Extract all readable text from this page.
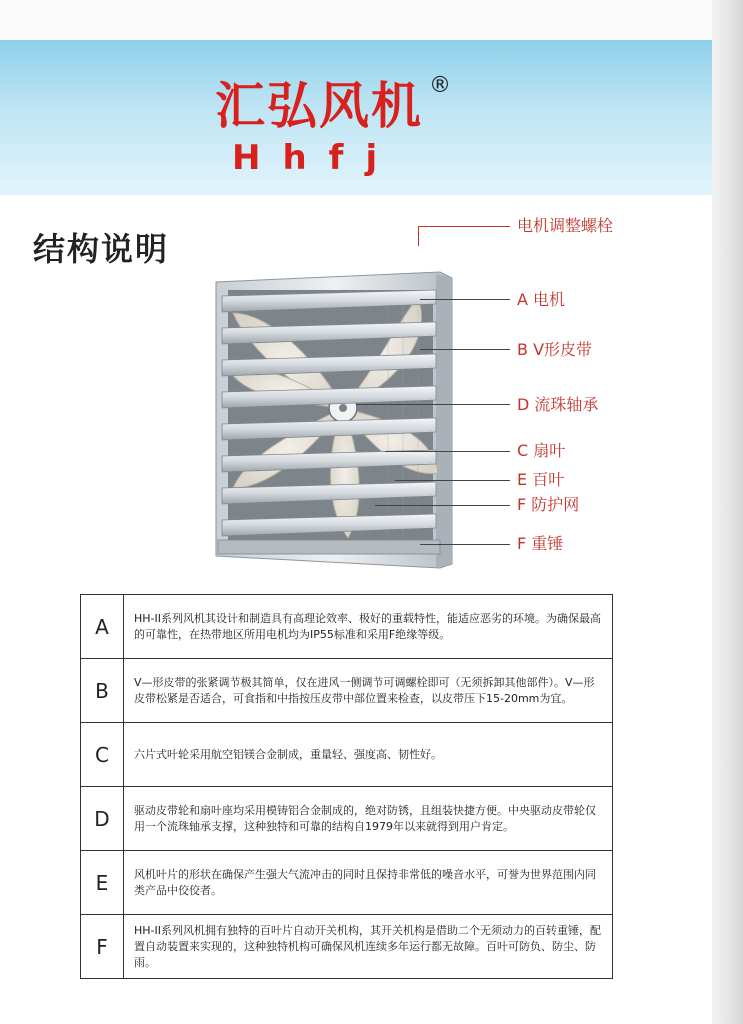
汇弘风机 ®
Hhfj
结构说明
电机调整螺栓
A 电机
B V形皮带
D 流珠轴承
C 扇叶
E 百叶
F 防护网
F 重锤
A	HH-II系列风机其设计和制造具有高理论效率、极好的重载特性，能适应恶劣的环境。为确保最高的可靠性，在热带地区所用电机均为IP55标准和采用F绝缘等级。
B	V—形皮带的张紧调节极其简单，仅在进风一侧调节可调螺栓即可（无须拆卸其他部件）。V—形皮带松紧是否适合，可食指和中指按压皮带中部位置来检查，以皮带压下15-20mm为宜。
C	六片式叶轮采用航空铝镁合金制成，重量轻、强度高、韧性好。
D	驱动皮带轮和扇叶座均采用模铸铝合金制成的，绝对防锈，且组装快捷方便。中央驱动皮带轮仅用一个流珠轴承支撑，这种独特和可靠的结构自1979年以来就得到用户肯定。
E	风机叶片的形状在确保产生强大气流冲击的同时且保持非常低的噪音水平，可誉为世界范围内同类产品中佼佼者。
F	HH-II系列风机拥有独特的百叶片自动开关机构，其开关机构是借助二个无须动力的百转重锤，配置自动装置来实现的，这种独特机构可确保风机连续多年运行都无故障。百叶可防负、防尘、防雨。
